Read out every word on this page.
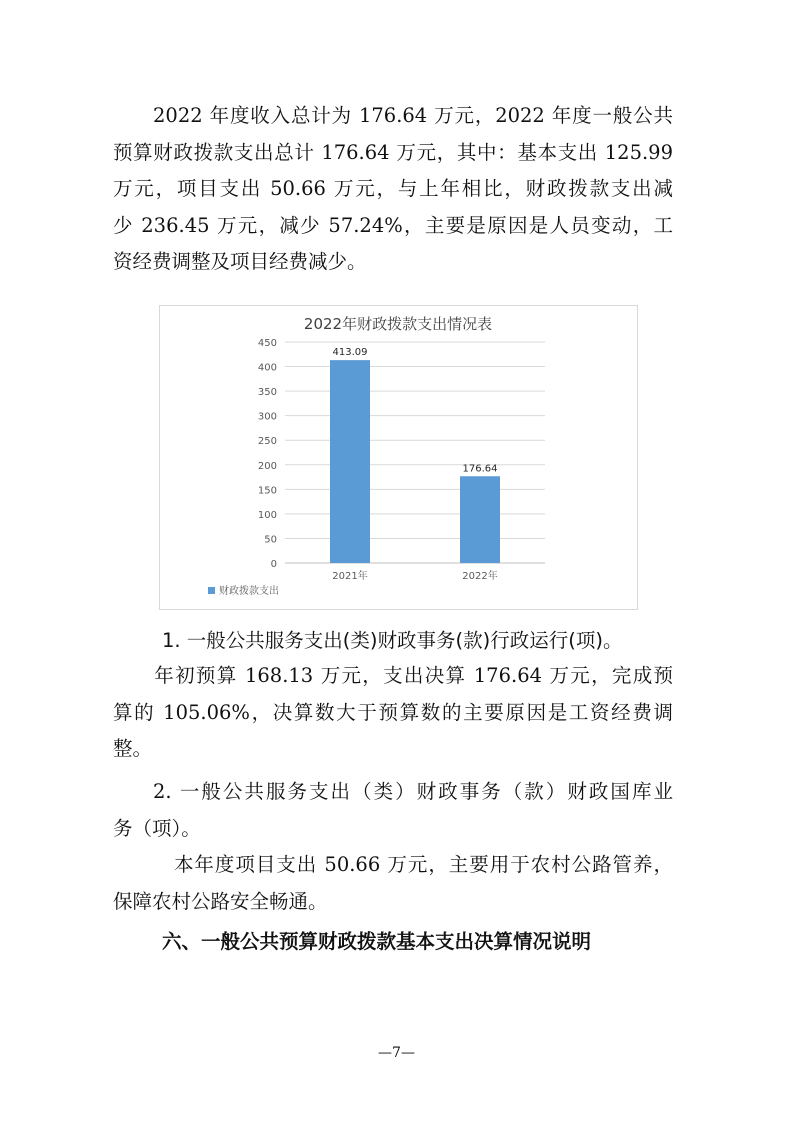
2022 年度收入总计为 176.64 万元，2022 年度一般公共
预算财政拨款支出总计 176.64 万元，其中：基本支出 125.99
万元，项目支出 50.66 万元，与上年相比，财政拨款支出减
少 236.45 万元，减少 57.24%，主要是原因是人员变动，工
资经费调整及项目经费减少。
2022年财政拨款支出情况表
0
50
100
150
200
250
300
350
400
450
413.09
176.64
2021年	2022年
财政拨款支出
1. 一般公共服务支出(类)财政事务(款)行政运行(项)。
年初预算 168.13 万元，支出决算 176.64 万元，完成预
算的 105.06%，决算数大于预算数的主要原因是工资经费调
整。
2. 一般公共服务支出（类）财政事务（款）财政国库业
务（项）。
本年度项目支出 50.66 万元，主要用于农村公路管养，
保障农村公路安全畅通。
六、一般公共预算财政拨款基本支出决算情况说明
—7—
